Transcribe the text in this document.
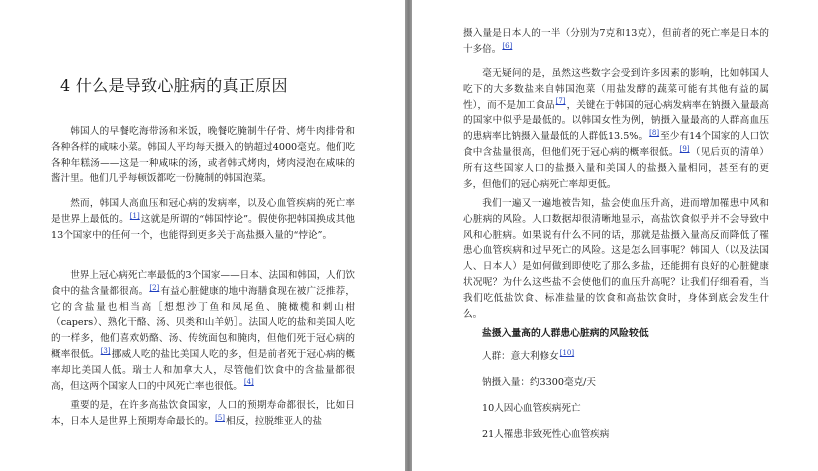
4 什么是导致心脏病的真正原因

韩国人的早餐吃海带汤和米饭，晚餐吃腌制牛仔骨、烤牛肉排骨和各种各样的咸味小菜。韩国人平均每天摄入的钠超过4000毫克。他们吃各种年糕汤——这是一种咸味的汤，或者韩式烤肉，烤肉浸泡在咸味的酱汁里。他们几乎每顿饭都吃一份腌制的韩国泡菜。

然而，韩国人高血压和冠心病的发病率，以及心血管疾病的死亡率是世界上最低的。[1]这就是所谓的“韩国悖论”。假使你把韩国换成其他13个国家中的任何一个，也能得到更多关于高盐摄入量的“悖论”。

世界上冠心病死亡率最低的3个国家——日本、法国和韩国，人们饮食中的盐含量都很高。[2]有益心脏健康的地中海膳食现在被广泛推荐，它的含盐量也相当高［想想沙丁鱼和凤尾鱼、腌橄榄和刺山柑（capers）、熟化干酪、汤、贝类和山羊奶］。法国人吃的盐和美国人吃的一样多，他们喜欢奶酪、汤、传统面包和腌肉，但他们死于冠心病的概率很低。[3]挪威人吃的盐比美国人吃的多，但是前者死于冠心病的概率却比美国人低。瑞士人和加拿大人，尽管他们饮食中的含盐量都很高，但这两个国家人口的中风死亡率也很低。[4]

重要的是，在许多高盐饮食国家，人口的预期寿命都很长，比如日本，日本人是世界上预期寿命最长的。[5]相反，拉脱维亚人的盐

摄入量是日本人的一半（分别为7克和13克），但前者的死亡率是日本的十多倍。[6]

毫无疑问的是，虽然这些数字会受到许多因素的影响，比如韩国人吃下的大多数盐来自韩国泡菜（用盐发酵的蔬菜可能有其他有益的属性），而不是加工食品[7]，关键在于韩国的冠心病发病率在钠摄入量最高的国家中似乎是最低的。以韩国女性为例，钠摄入量最高的人群高血压的患病率比钠摄入量最低的人群低13.5%。[8]至少有14个国家的人口饮食中含盐量很高，但他们死于冠心病的概率很低。[9]（见后页的清单）所有这些国家人口的盐摄入量和美国人的盐摄入量相同，甚至有的更多，但他们的冠心病死亡率却更低。

我们一遍又一遍地被告知，盐会使血压升高，进而增加罹患中风和心脏病的风险。人口数据却很清晰地显示，高盐饮食似乎并不会导致中风和心脏病。如果说有什么不同的话，那就是盐摄入量高反而降低了罹患心血管疾病和过早死亡的风险。这是怎么回事呢？韩国人（以及法国人、日本人）是如何做到即使吃了那么多盐，还能拥有良好的心脏健康状况呢？为什么这些盐不会使他们的血压升高呢？让我们仔细看看，当我们吃低盐饮食、标准盐量的饮食和高盐饮食时，身体到底会发生什么。

盐摄入量高的人群患心脏病的风险较低
人群：意大利修女[10]
钠摄入量：约3300毫克/天
10人因心血管疾病死亡
21人罹患非致死性心血管疾病
